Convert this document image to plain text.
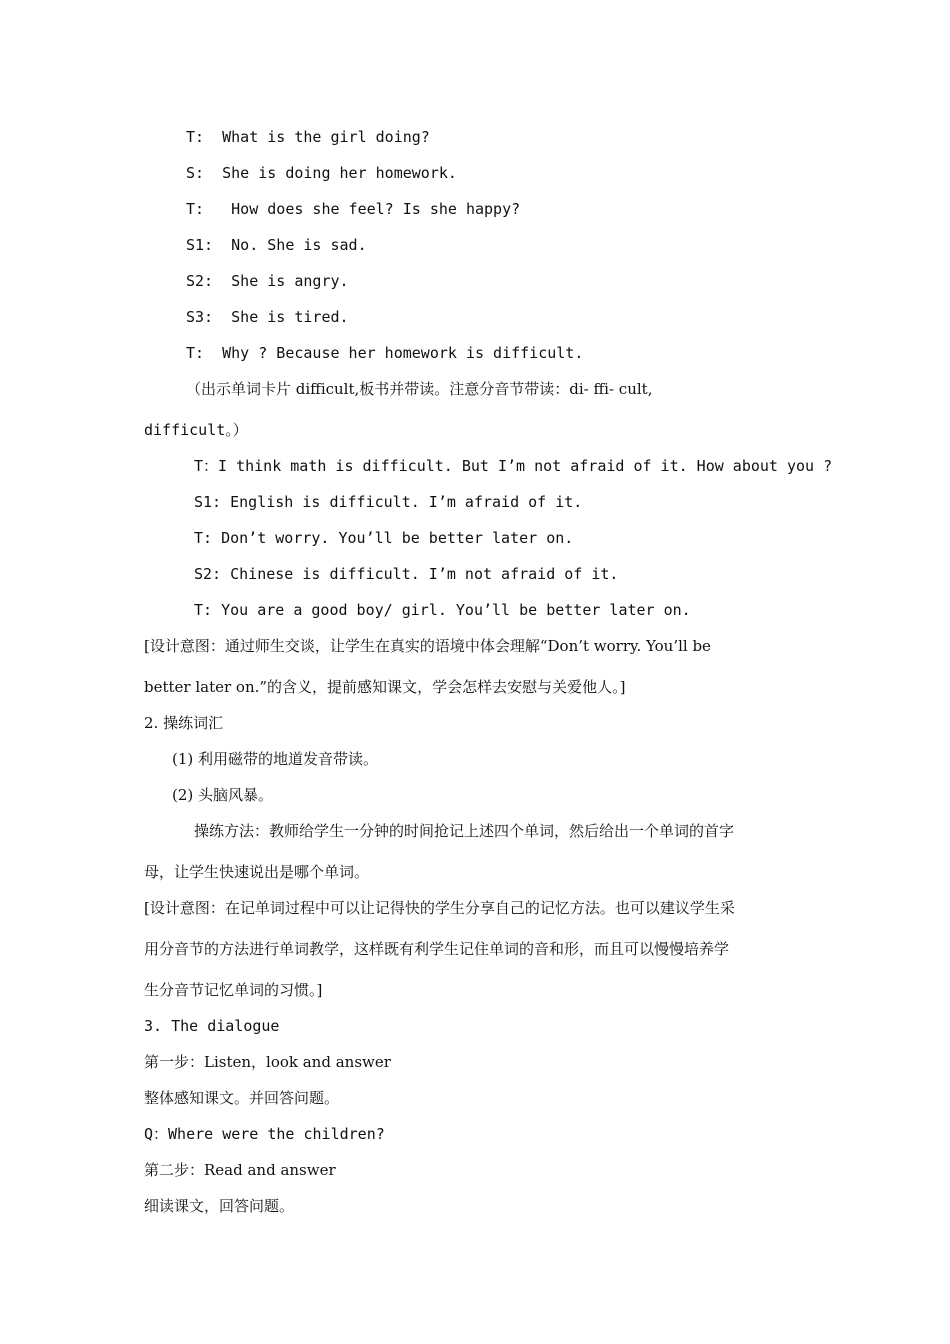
T:  What is the girl doing?
S:  She is doing her homework.
T:   How does she feel? Is she happy?
S1:  No. She is sad.
S2:  She is angry.
S3:  She is tired.
T:  Why ? Because her homework is difficult.
（出示单词卡片 difficult,板书并带读。注意分音节带读：di- ffi- cult,
difficult。）
T：I think math is difficult. But I’m not afraid of it. How about you ?
S1: English is difficult. I’m afraid of it.
T: Don’t worry. You’ll be better later on.
S2: Chinese is difficult. I’m not afraid of it.
T: You are a good boy/ girl. You’ll be better later on.
[设计意图：通过师生交谈，让学生在真实的语境中体会理解“Don’t worry. You’ll be
better later on.”的含义，提前感知课文，学会怎样去安慰与关爱他人。]
2. 操练词汇
(1) 利用磁带的地道发音带读。
(2) 头脑风暴。
操练方法：教师给学生一分钟的时间抢记上述四个单词，然后给出一个单词的首字
母，让学生快速说出是哪个单词。
[设计意图：在记单词过程中可以让记得快的学生分享自己的记忆方法。也可以建议学生采
用分音节的方法进行单词教学，这样既有利学生记住单词的音和形，而且可以慢慢培养学
生分音节记忆单词的习惯。]
3. The dialogue
第一步：Listen，look and answer
整体感知课文。并回答问题。
Q：Where were the children?
第二步：Read and answer
细读课文，回答问题。
